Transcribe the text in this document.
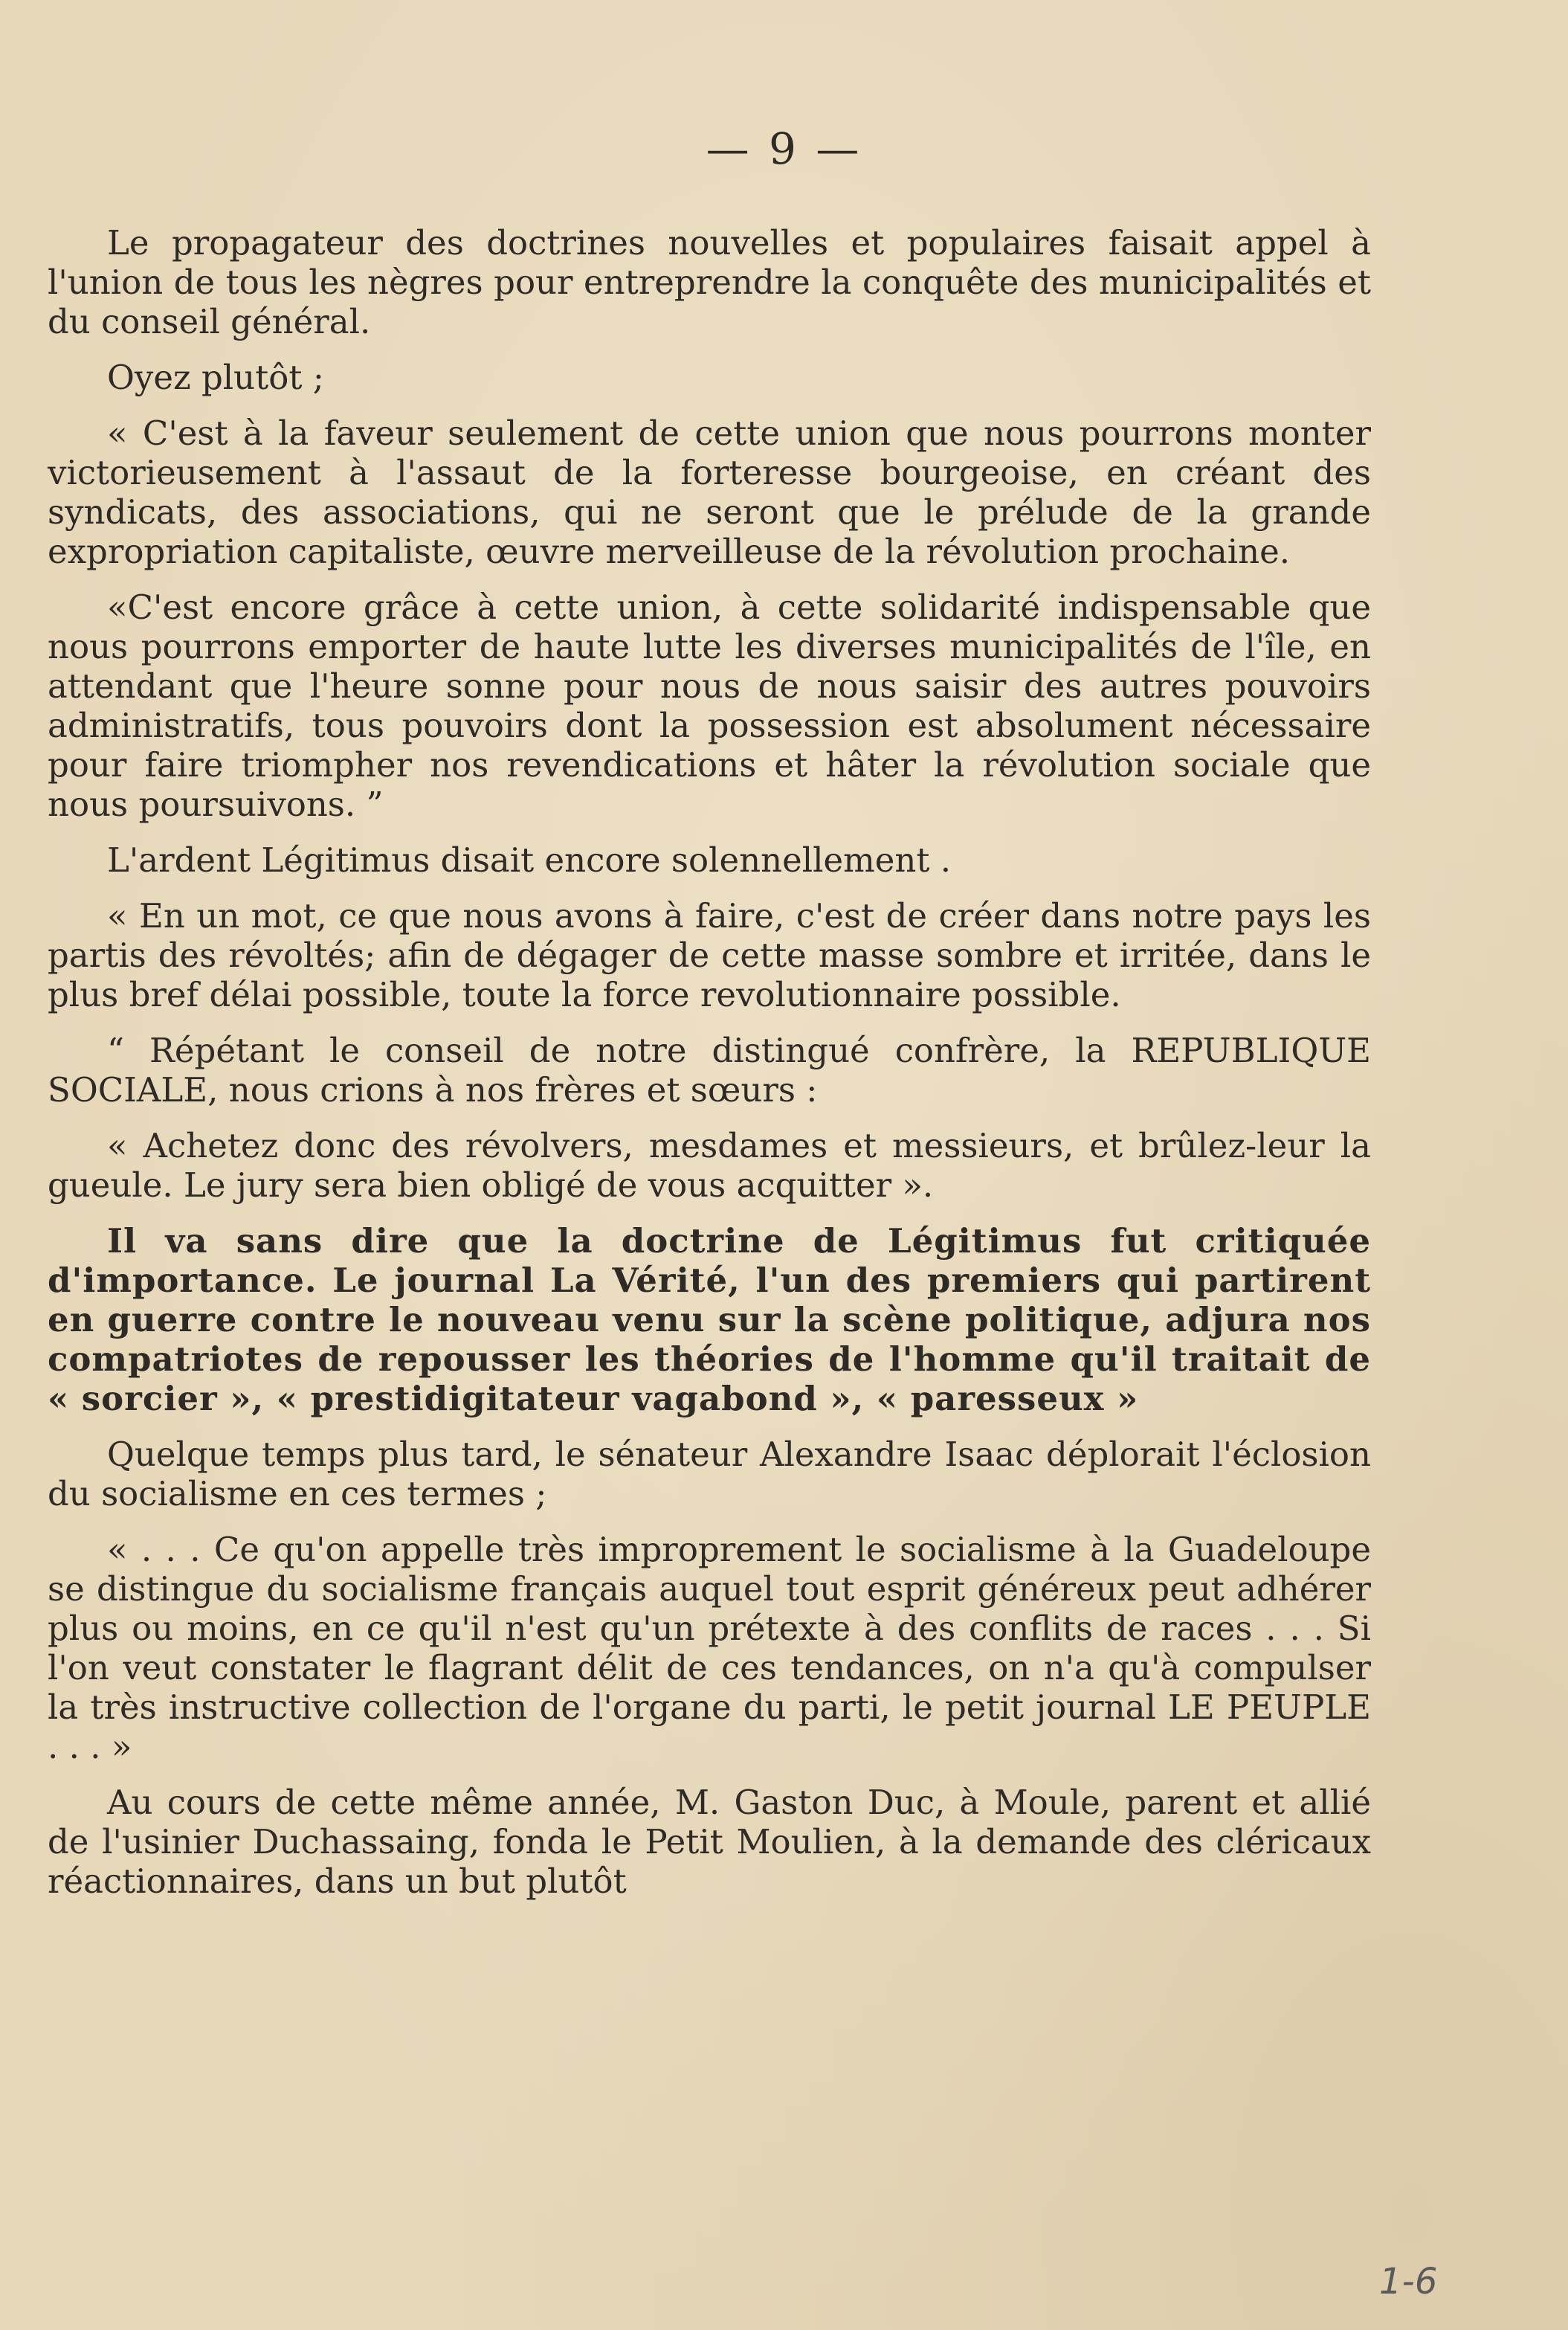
— 9 —

Le propagateur des doctrines nouvelles et populaires faisait appel à l'union de tous les nègres pour entreprendre la conquête des municipalités et du conseil général.

Oyez plutôt ;

« C'est à la faveur seulement de cette union que nous pourrons monter victorieusement à l'assaut de la forteresse bourgeoise, en créant des syndicats, des associations, qui ne seront que le prélude de la grande expropriation capitaliste, œuvre merveilleuse de la révolution prochaine.

«C'est encore grâce à cette union, à cette solidarité indispensable que nous pourrons emporter de haute lutte les diverses municipalités de l'île, en attendant que l'heure sonne pour nous de nous saisir des autres pouvoirs administratifs, tous pouvoirs dont la possession est absolument nécessaire pour faire triompher nos revendications et hâter la révolution sociale que nous poursuivons. ”

L'ardent Légitimus disait encore solennellement .

« En un mot, ce que nous avons à faire, c'est de créer dans notre pays les partis des révoltés; afin de dégager de cette masse sombre et irritée, dans le plus bref délai possible, toute la force revolutionnaire possible.

“ Répétant le conseil de notre distingué confrère, la REPUBLIQUE SOCIALE, nous crions à nos frères et sœurs :

« Achetez donc des révolvers, mesdames et messieurs, et brûlez-leur la gueule. Le jury sera bien obligé de vous acquitter ».

Il va sans dire que la doctrine de Légitimus fut critiquée d'importance. Le journal La Vérité, l'un des premiers qui partirent en guerre contre le nouveau venu sur la scène politique, adjura nos compatriotes de repousser les théories de l'homme qu'il traitait de « sorcier », « prestidigitateur vagabond », « paresseux »

Quelque temps plus tard, le sénateur Alexandre Isaac déplorait l'éclosion du socialisme en ces termes ;

« . . . Ce qu'on appelle très improprement le socialisme à la Guadeloupe se distingue du socialisme français auquel tout esprit généreux peut adhérer plus ou moins, en ce qu'il n'est qu'un prétexte à des conflits de races . . . Si l'on veut constater le flagrant délit de ces tendances, on n'a qu'à compulser la très instructive collection de l'organe du parti, le petit journal LE PEUPLE . . . »

Au cours de cette même année, M. Gaston Duc, à Moule, parent et allié de l'usinier Duchassaing, fonda le Petit Moulien, à la demande des cléricaux réactionnaires, dans un but plutôt

1-6
